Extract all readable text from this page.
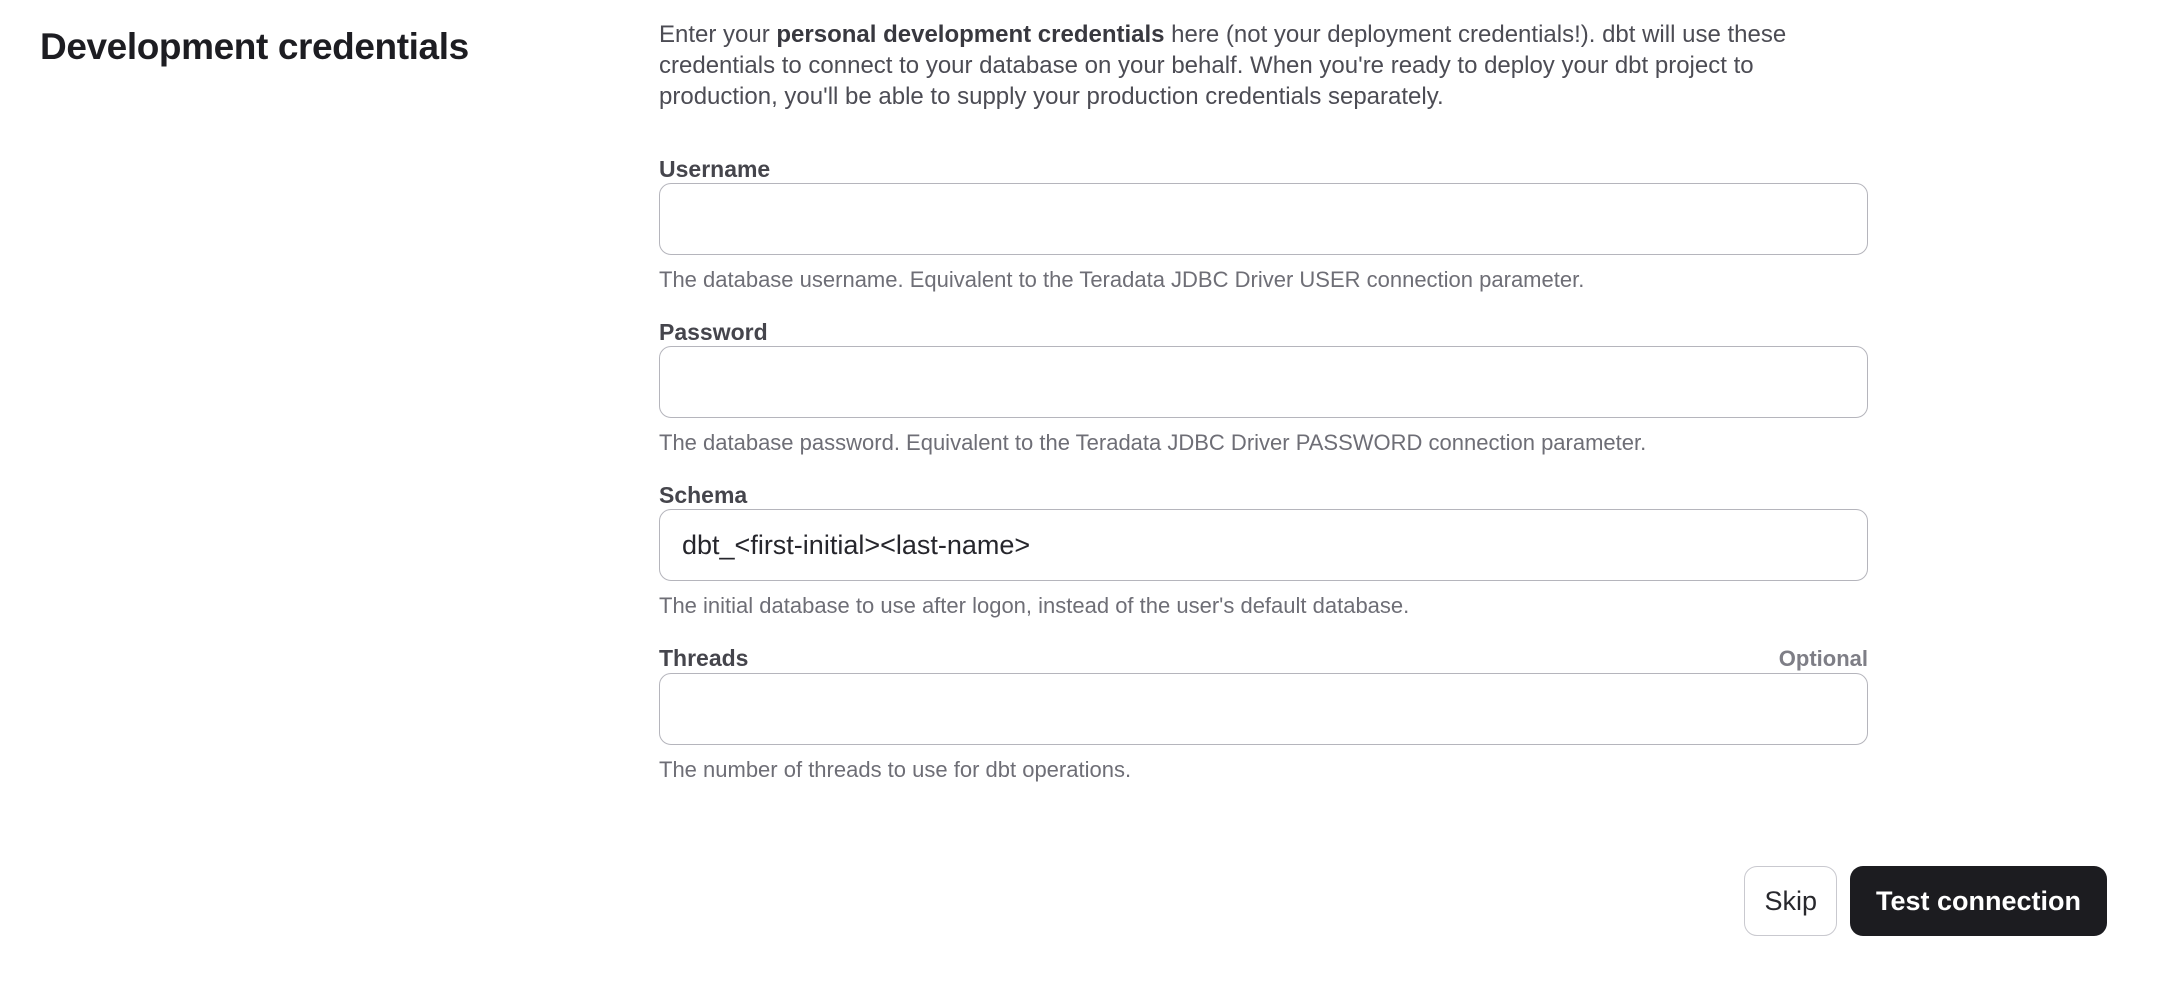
Development credentials	Enter your personal development credentials here (not your deployment credentials!). dbt will use these credentials to connect to your database on your behalf. When you're ready to deploy your dbt project to production, you'll be able to supply your production credentials separately.

Username

The database username. Equivalent to the Teradata JDBC Driver USER connection parameter.

Password

The database password. Equivalent to the Teradata JDBC Driver PASSWORD connection parameter.

Schema
dbt_<first-initial><last-name>

The initial database to use after logon, instead of the user's default database.

Threads	Optional

The number of threads to use for dbt operations.

Skip	Test connection
